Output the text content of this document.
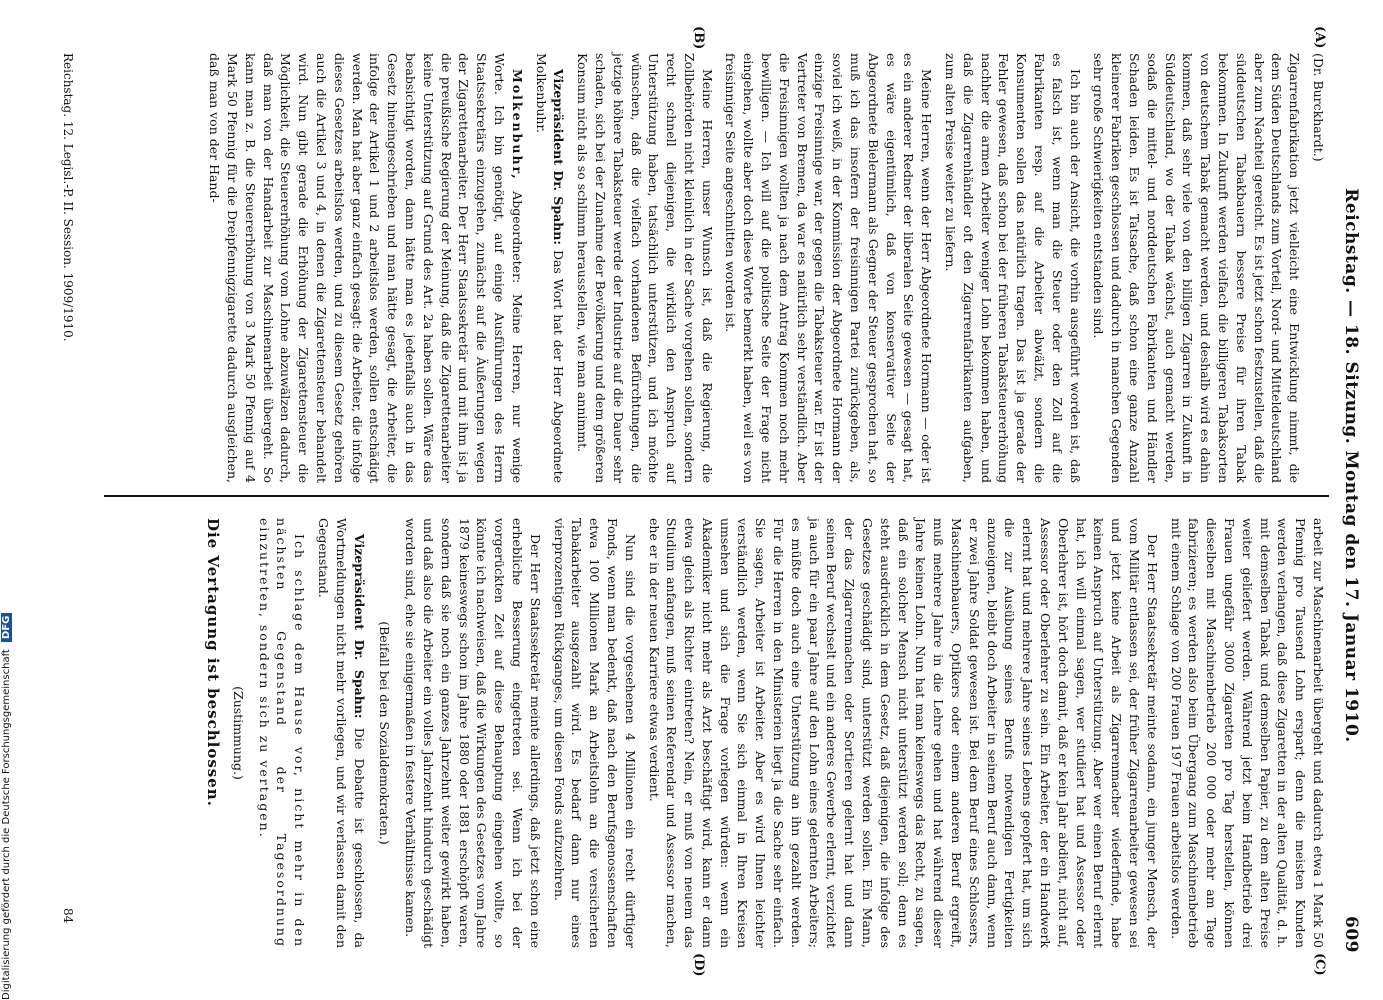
Reichstag. — 18. Sitzung. Montag den 17. Januar 1910.
609
(A)
(B)
(C)
(D)

(Dr. Burckhardt.)

Zigarrenfabrikation jetzt vielleicht eine Entwicklung nimmt, die dem Süden Deutschlands zum Vorteil, Nord- und Mitteldeutschland aber zum Nachteil gereicht. Es ist jetzt schon festzustellen, daß die süddeutschen Tabakbauern bessere Preise für ihren Tabak bekommen. In Zukunft werden vielfach die billigeren Tabaksorten von deutschem Tabak gemacht werden, und deshalb wird es dahin kommen, daß sehr viele von den billigen Zigarren in Zukunft in Süddeutschland, wo der Tabak wächst, auch gemacht werden, sodaß die mittel- und norddeutschen Fabrikanten und Händler Schaden leiden. Es ist Tatsache, daß schon eine ganze Anzahl kleinerer Fabriken geschlossen und dadurch in manchen Gegenden sehr große Schwierigkeiten entstanden sind.

Ich bin auch der Ansicht, die vorhin ausgeführt worden ist, daß es falsch ist, wenn man die Steuer oder den Zoll auf die Fabrikanten resp. auf die Arbeiter abwälzt, sondern die Konsumenten sollen das natürlich tragen. Das ist ja gerade der Fehler gewesen, daß schon bei der früheren Tabaksteuererhöhung nachher die armen Arbeiter weniger Lohn bekommen haben, und daß die Zigarrenhändler oft den Zigarrenfabrikanten aufgaben, zum alten Preise weiter zu liefern.

Meine Herren, wenn der Herr Abgeordnete Hormann — oder ist es ein anderer Redner der liberalen Seite gewesen — gesagt hat, es wäre eigentümlich, daß von konservativer Seite der Abgeordnete Bielermann als Gegner der Steuer gesprochen hat, so muß ich das insofern der freisinnigen Partei zurückgeben, als, soviel ich weiß, in der Kommission der Abgeordnete Hormann der einzige Freisinnige war, der gegen die Tabaksteuer war. Er ist der Vertreter von Bremen, da war es natürlich sehr verständlich. Aber die Freisinnigen wollten ja nach dem Antrag Kommen noch mehr bewilligen. — Ich will auf die politische Seite der Frage nicht eingehen, wollte aber doch diese Worte bemerkt haben, weil es von freisinniger Seite angeschnitten worden ist.

Meine Herren, unser Wunsch ist, daß die Regierung, die Zollbehörden nicht kleinlich in der Sache vorgehen sollen, sondern recht schnell diejenigen, die wirklich den Anspruch auf Unterstützung haben, tatsächlich unterstützen, und ich möchte wünschen, daß die vielfach vorhandenen Befürchtungen, die jetzige höhere Tabaksteuer werde der Industrie auf die Dauer sehr schaden, sich bei der Zunahme der Bevölkerung und dem größeren Konsum nicht als so schlimm herausstellen, wie man annimmt.

Vizepräsident Dr. Spahn: Das Wort hat der Herr Abgeordnete Molkenbuhr.

Molkenbuhr, Abgeordneter: Meine Herren, nur wenige Worte. Ich bin genötigt, auf einige Ausführungen des Herrn Staatssekretärs einzugehen, zunächst auf die Äußerungen wegen der Zigarettenarbeiter. Der Herr Staatssekretär und mit ihm ist ja die preußische Regierung der Meinung, daß die Zigarettenarbeiter keine Unterstützung auf Grund des Art. 2a haben sollen. Wäre das beabsichtigt worden, dann hätte man es jedenfalls auch in das Gesetz hineingeschrieben und man hätte gesagt, die Arbeiter, die infolge der Artikel 1 und 2 arbeitslos werden, sollen entschädigt werden. Man hat aber ganz einfach gesagt: die Arbeiter, die infolge dieses Gesetzes arbeitslos werden, und zu diesem Gesetz gehören auch die Artikel 3 und 4, in denen die Zigarettensteuer behandelt wird. Nun gibt gerade die Erhöhung der Zigarettensteuer die Möglichkeit, die Steuererhöhung vom Lohne abzuwälzen dadurch, daß man von der Handarbeit zur Maschinenarbeit übergeht. So kann man z. B. die Steuererhöhung von 3 Mark 50 Pfennig auf 4 Mark 50 Pfennig für die Dreipfennigzigarette dadurch ausgleichen, daß man von der Hand-

arbeit zur Maschinenarbeit übergeht und dadurch etwa 1 Mark 50 Pfennig pro Tausend Lohn erspart; denn die meisten Kunden werden verlangen, daß diese Zigaretten in der alten Qualität, d. h. mit demselben Tabak und demselben Papier, zu dem alten Preise weiter geliefert werden. Während jetzt beim Handbetrieb drei Frauen ungefähr 3000 Zigaretten pro Tag herstellen, können dieselben mit Maschinenbetrieb 200 000 oder mehr am Tage fabrizieren; es werden also beim Übergang zum Maschinenbetrieb mit einem Schlage von 200 Frauen 197 Frauen arbeitslos werden.

Der Herr Staatssekretär meinte sodann, ein junger Mensch, der vom Militär entlassen sei, der früher Zigarrenarbeiter gewesen sei und jetzt keine Arbeit als Zigarrenmacher wiederfinde, habe keinen Anspruch auf Unterstützung. Aber wer einen Beruf erlernt hat, ich will einmal sagen, wer studiert hat und Assessor oder Oberlehrer ist, hört doch damit, daß er kein Jahr abdient, nicht auf, Assessor oder Oberlehrer zu sein. Ein Arbeiter, der ein Handwerk erlernt hat und mehrere Jahre seines Lebens geopfert hat, um sich die zur Ausübung seines Berufs notwendigen Fertigkeiten anzueignen, bleibt doch Arbeiter in seinem Beruf auch dann, wenn er zwei Jahre Soldat gewesen ist. Bei dem Beruf eines Schlossers, Maschinenbauers, Optikers oder einem anderen Beruf ergreift, muß mehrere Jahre in die Lehre gehen und hat während dieser Jahre keinen Lohn. Nun hat man keineswegs das Recht, zu sagen, daß ein solcher Mensch nicht unterstützt werden soll; denn es steht ausdrücklich in dem Gesetz, daß diejenigen, die infolge des Gesetzes geschädigt sind, unterstützt werden sollen. Ein Mann, der das Zigarrenmachen oder Sortieren gelernt hat und dann seinen Beruf wechselt und ein anderes Gewerbe erlernt, verzichtet ja auch für ein paar Jahre auf den Lohn eines gelernten Arbeiters; es müßte doch auch eine Unterstützung an ihn gezahlt werden. Für die Herren in den Ministerien liegt ja die Sache sehr einfach. Sie sagen, Arbeiter ist Arbeiter. Aber es wird Ihnen leichter verständlich werden, wenn Sie sich einmal in Ihren Kreisen umsehen und sich die Frage vorlegen würden: wenn ein Akademiker nicht mehr als Arzt beschäftigt wird, kann er dann etwa gleich als Richter eintreten? Nein, er muß von neuem das Studium anfangen, muß seinen Referendar und Assessor machen, ehe er in der neuen Karriere etwas verdient.

Nun sind die vorgesehenen 4 Millionen ein recht dürftiger Fonds, wenn man bedenkt, daß nach den Berufsgenossenschaften etwa 100 Millionen Mark an Arbeitslohn an die versicherten Tabakarbeiter ausgezahlt wird. Es bedarf dann nur eines vierprozentigen Rückganges, um diesen Fonds aufzuzehren.

Der Herr Staatssekretär meinte allerdings, daß jetzt schon eine erhebliche Besserung eingetreten sei. Wenn ich bei der vorgerückten Zeit auf diese Behauptung eingehen wollte, so könnte ich nachweisen, daß die Wirkungen des Gesetzes vom Jahre 1879 keineswegs schon im Jahre 1880 oder 1881 erschöpft waren, sondern daß sie noch ein ganzes Jahrzehnt weiter gewirkt haben, und daß also die Arbeiter ein volles Jahrzehnt hindurch geschädigt worden sind, ehe sie einigermaßen in festere Verhältnisse kamen.

(Beifall bei den Sozialdemokraten.)

Vizepräsident Dr. Spahn: Die Debatte ist geschlossen, da Wortmeldungen nicht mehr vorliegen, und wir verlassen damit den Gegenstand.

Ich schlage dem Hause vor, nicht mehr in den nächsten Gegenstand der Tagesordnung einzutreten, sondern sich zu vertagen.

(Zustimmung.)

Die Vertagung ist beschlossen.

Reichstag. 12. Legisl.-P. II. Session. 1909/1910.
84
Digitalisierung gefördert durch die Deutsche Forschungsgemeinschaft DFG
